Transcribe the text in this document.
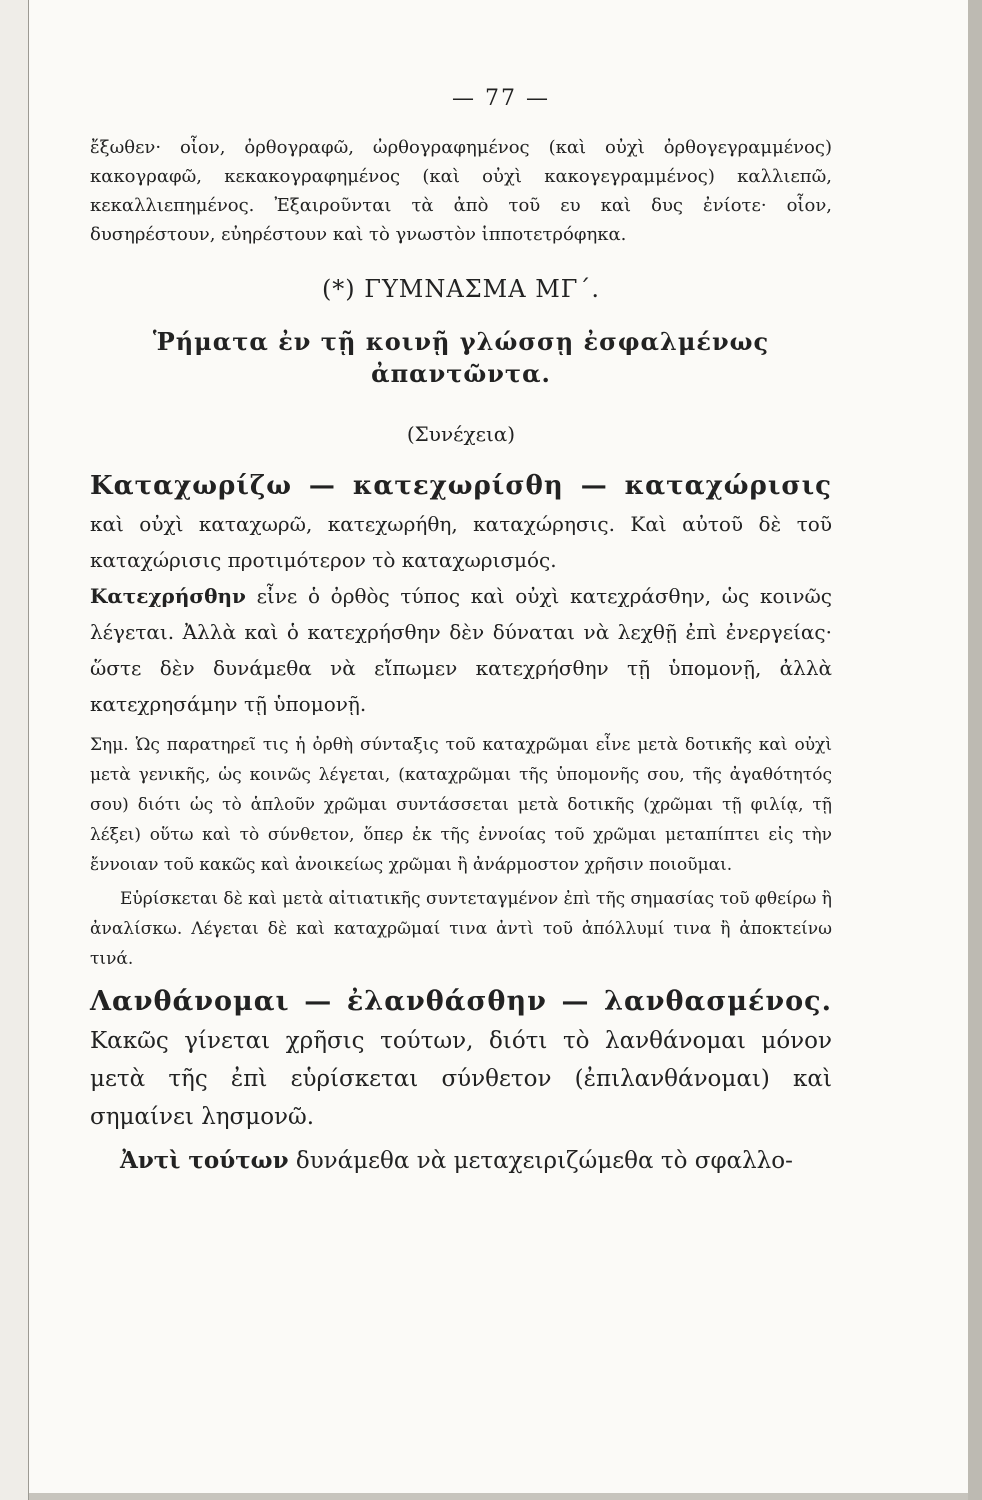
— 77 —

ἔξωθεν· οἷον, ὀρθογραφῶ, ὠρθογραφημένος (καὶ οὐχὶ ὀρθογεγραμμένος) κακογραφῶ, κεκακογραφημένος (καὶ οὐχὶ κακογεγραμμένος) καλλιεπῶ, κεκαλλιεπημένος. Ἐξαιροῦνται τὰ ἀπὸ τοῦ ευ καὶ δυς ἐνίοτε· οἷον, δυσηρέστουν, εὐηρέστουν καὶ τὸ γνωστὸν ἱπποτετρόφηκα.

(*) ΓΥΜΝΑΣΜΑ ΜΓ΄.

Ῥήματα ἐν τῇ κοινῇ γλώσσῃ ἐσφαλμένως

ἀπαντῶντα.

(Συνέχεια)

Καταχωρίζω — κατεχωρίσθη — καταχώρισις

καὶ οὐχὶ καταχωρῶ, κατεχωρήθη, καταχώρησις. Καὶ αὐτοῦ δὲ τοῦ καταχώρισις προτιμότερον τὸ καταχωρισμός.

Κατεχρήσθην εἶνε ὁ ὀρθὸς τύπος καὶ οὐχὶ κατεχράσθην, ὡς κοινῶς λέγεται. Ἀλλὰ καὶ ὁ κατεχρήσθην δὲν δύναται νὰ λεχθῇ ἐπὶ ἐνεργείας· ὥστε δὲν δυνάμεθα νὰ εἴπωμεν κατεχρήσθην τῇ ὑπομονῇ, ἀλλὰ κατεχρησάμην τῇ ὑπομονῇ.

Σημ. Ὡς παρατηρεῖ τις ἡ ὀρθὴ σύνταξις τοῦ καταχρῶμαι εἶνε μετὰ δοτικῆς καὶ οὐχὶ μετὰ γενικῆς, ὡς κοινῶς λέγεται, (καταχρῶμαι τῆς ὑπομονῆς σου, τῆς ἀγαθότητός σου) διότι ὡς τὸ ἁπλοῦν χρῶμαι συντάσσεται μετὰ δοτικῆς (χρῶμαι τῇ φιλίᾳ, τῇ λέξει) οὕτω καὶ τὸ σύνθετον, ὅπερ ἐκ τῆς ἐννοίας τοῦ χρῶμαι μεταπίπτει εἰς τὴν ἔννοιαν τοῦ κακῶς καὶ ἀνοικείως χρῶμαι ἢ ἀνάρμοστον χρῆσιν ποιοῦμαι.

Εὑρίσκεται δὲ καὶ μετὰ αἰτιατικῆς συντεταγμένον ἐπὶ τῆς σημασίας τοῦ φθείρω ἢ ἀναλίσκω. Λέγεται δὲ καὶ καταχρῶμαί τινα ἀντὶ τοῦ ἀπόλλυμί τινα ἢ ἀποκτείνω τινά.

Λανθάνομαι — ἐλανθάσθην — λανθασμένος.

Κακῶς γίνεται χρῆσις τούτων, διότι τὸ λανθάνομαι μόνον μετὰ τῆς ἐπὶ εὑρίσκεται σύνθετον (ἐπιλανθάνομαι) καὶ σημαίνει λησμονῶ.

Ἀντὶ τούτων δυνάμεθα νὰ μεταχειριζώμεθα τὸ σφαλλο-
